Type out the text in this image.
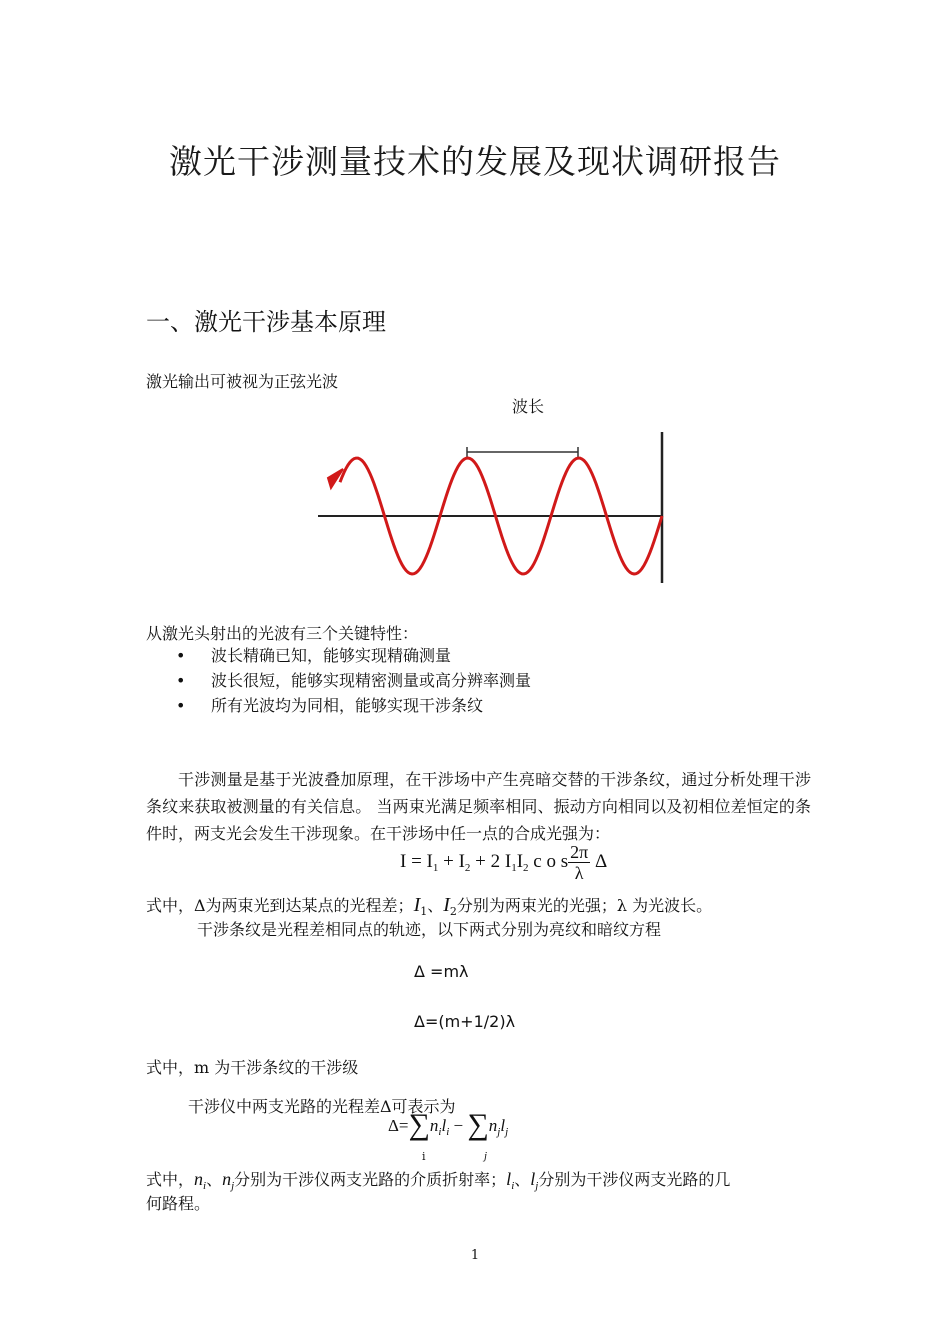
激光干涉测量技术的发展及现状调研报告
一、激光干涉基本原理
激光输出可被视为正弦光波
波长
从激光头射出的光波有三个关键特性：
• 波长精确已知，能够实现精确测量
• 波长很短，能够实现精密测量或高分辨率测量
• 所有光波均为同相，能够实现干涉条纹
干涉测量是基于光波叠加原理，在干涉场中产生亮暗交替的干涉条纹，通过分析处理干涉条纹来获取被测量的有关信息。 当两束光满足频率相同、振动方向相同以及初相位差恒定的条件时，两支光会发生干涉现象。在干涉场中任一点的合成光强为：
$I = I_1 + I_2 + 2$ $I_1I_2$ c o s $\frac{2\pi}{\lambda}$ Δ
式中，Δ为两束光到达某点的光程差；$I_1$、$I_2$分别为两束光的光强；λ 为光波长。
干涉条纹是光程差相同点的轨迹，以下两式分别为亮纹和暗纹方程
Δ =mλ
Δ=(m+1/2)λ
式中，m 为干涉条纹的干涉级
干涉仪中两支光路的光程差Δ可表示为
$\Delta=\sum n_il_i - \sum n_jl_j$
i	j
式中，$n_i$、$n_j$分别为干涉仪两支光路的介质折射率；$l_i$、$l_j$分别为干涉仪两支光路的几
何路程。
1
